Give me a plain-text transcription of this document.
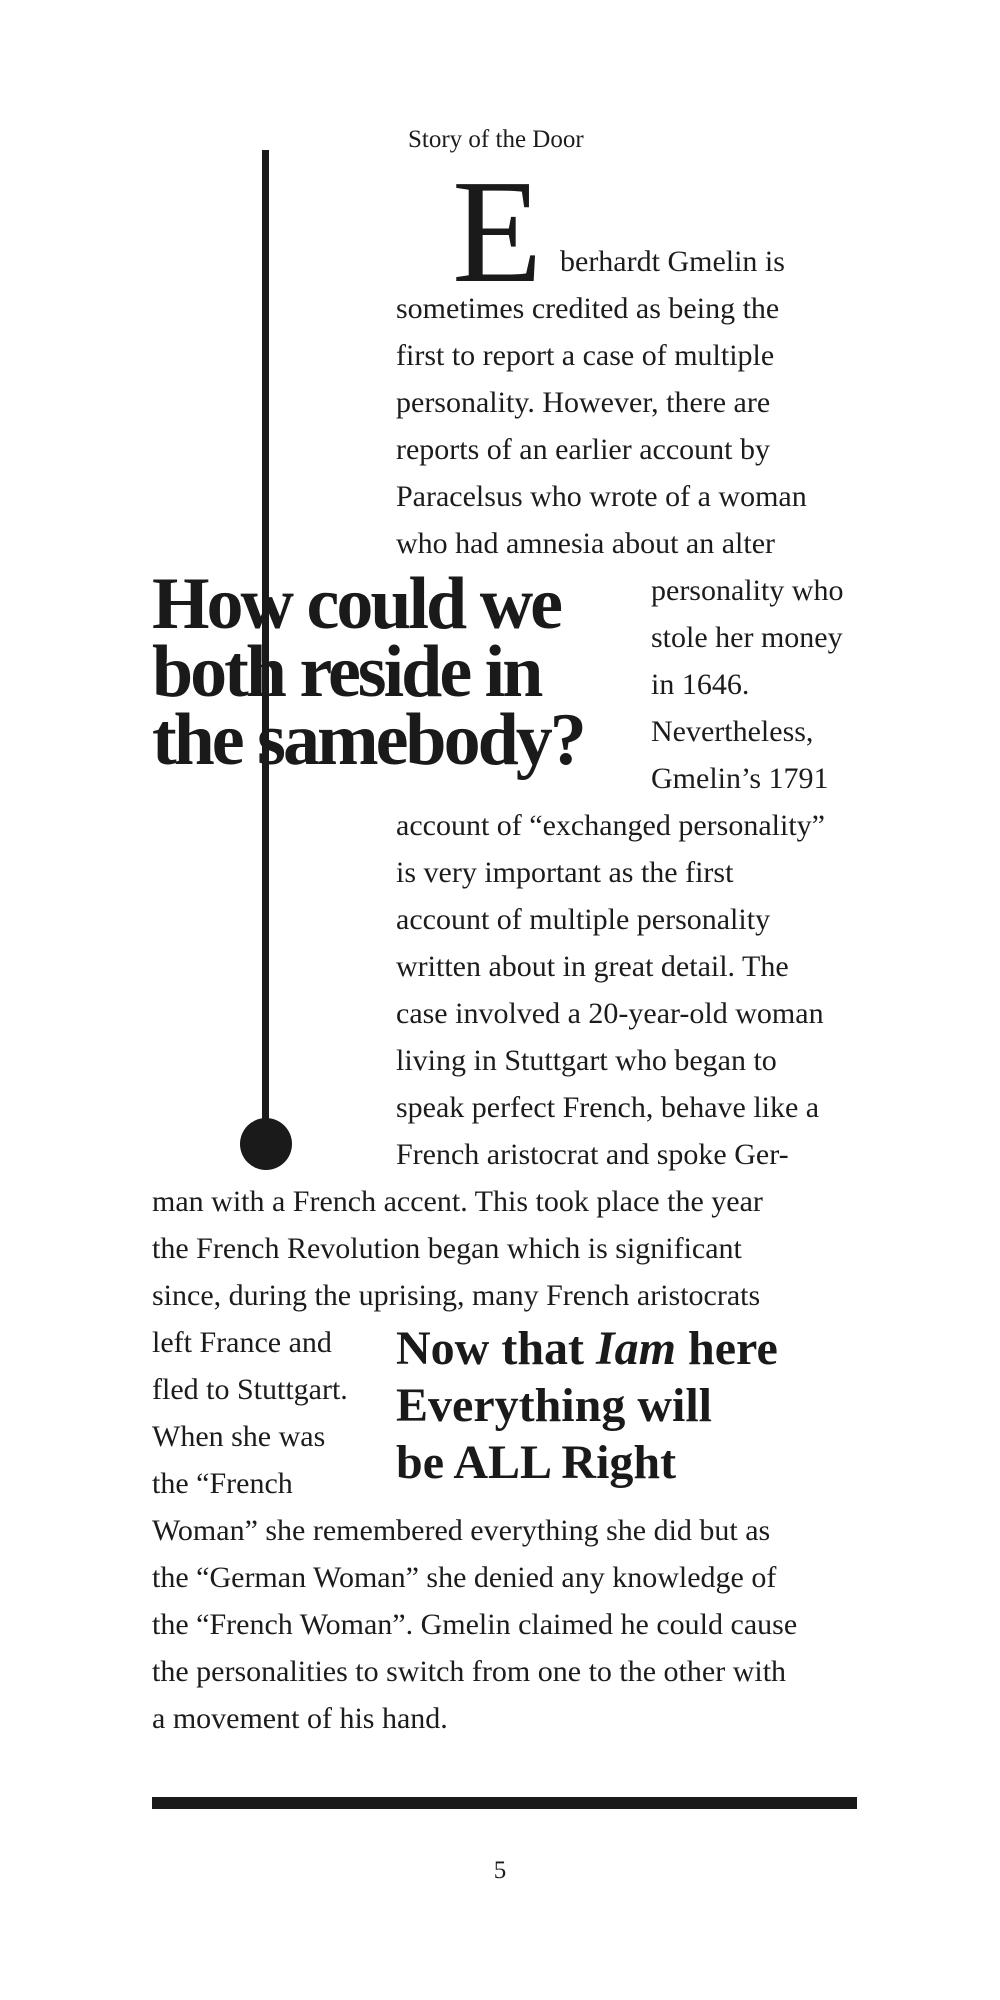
Story of the Door
E berhardt Gmelin is
sometimes credited as being the
first to report a case of multiple
personality. However, there are
reports of an earlier account by
Paracelsus who wrote of a woman
who had amnesia about an alter
personality who
stole her money
in 1646.
Nevertheless,
Gmelin’s 1791
account of “exchanged personality”
is very important as the first
account of multiple personality
written about in great detail. The
case involved a 20-year-old woman
living in Stuttgart who began to
speak perfect French, behave like a
French aristocrat and spoke Ger-
man with a French accent. This took place the year
the French Revolution began which is significant
since, during the uprising, many French aristocrats
left France and
fled to Stuttgart.
When she was
the “French
Woman” she remembered everything she did but as
the “German Woman” she denied any knowledge of
the “French Woman”. Gmelin claimed he could cause
the personalities to switch from one to the other with
a movement of his hand.
How could we
both reside in
the samebody?
Now that Iam here
Everything will
be ALL Right
5
